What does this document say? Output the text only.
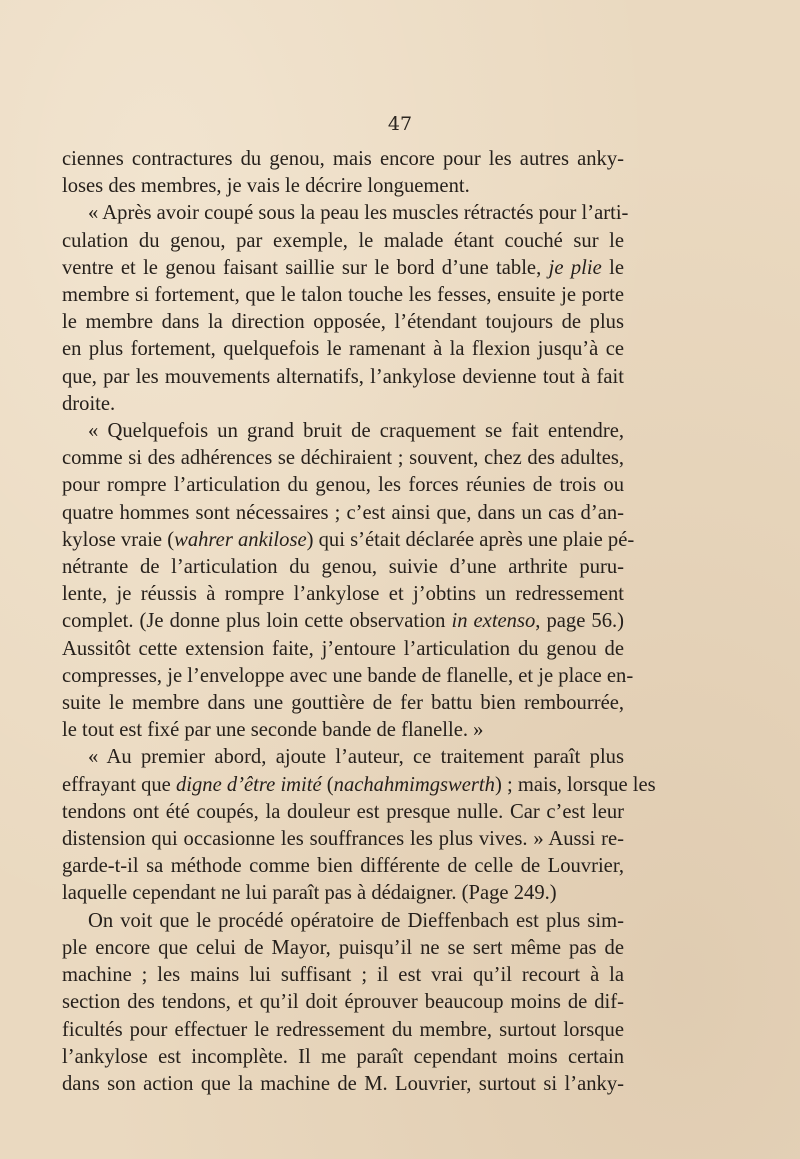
47
ciennes contractures du genou, mais encore pour les autres anky-
loses des membres, je vais le décrire longuement.
« Après avoir coupé sous la peau les muscles rétractés pour l’arti-
culation du genou, par exemple, le malade étant couché sur le
ventre et le genou faisant saillie sur le bord d’une table, je plie le
membre si fortement, que le talon touche les fesses, ensuite je porte
le membre dans la direction opposée, l’étendant toujours de plus
en plus fortement, quelquefois le ramenant à la flexion jusqu’à ce
que, par les mouvements alternatifs, l’ankylose devienne tout à fait
droite.
« Quelquefois un grand bruit de craquement se fait entendre,
comme si des adhérences se déchiraient ; souvent, chez des adultes,
pour rompre l’articulation du genou, les forces réunies de trois ou
quatre hommes sont nécessaires ; c’est ainsi que, dans un cas d’an-
kylose vraie (wahrer ankilose) qui s’était déclarée après une plaie pé-
nétrante de l’articulation du genou, suivie d’une arthrite puru-
lente, je réussis à rompre l’ankylose et j’obtins un redressement
complet. (Je donne plus loin cette observation in extenso, page 56.)
Aussitôt cette extension faite, j’entoure l’articulation du genou de
compresses, je l’enveloppe avec une bande de flanelle, et je place en-
suite le membre dans une gouttière de fer battu bien rembourrée,
le tout est fixé par une seconde bande de flanelle. »
« Au premier abord, ajoute l’auteur, ce traitement paraît plus
effrayant que digne d’être imité (nachahmimgswerth) ; mais, lorsque les
tendons ont été coupés, la douleur est presque nulle. Car c’est leur
distension qui occasionne les souffrances les plus vives. » Aussi re-
garde-t-il sa méthode comme bien différente de celle de Louvrier,
laquelle cependant ne lui paraît pas à dédaigner. (Page 249.)
On voit que le procédé opératoire de Dieffenbach est plus sim-
ple encore que celui de Mayor, puisqu’il ne se sert même pas de
machine ; les mains lui suffisant ; il est vrai qu’il recourt à la
section des tendons, et qu’il doit éprouver beaucoup moins de dif-
ficultés pour effectuer le redressement du membre, surtout lorsque
l’ankylose est incomplète. Il me paraît cependant moins certain
dans son action que la machine de M. Louvrier, surtout si l’anky-
